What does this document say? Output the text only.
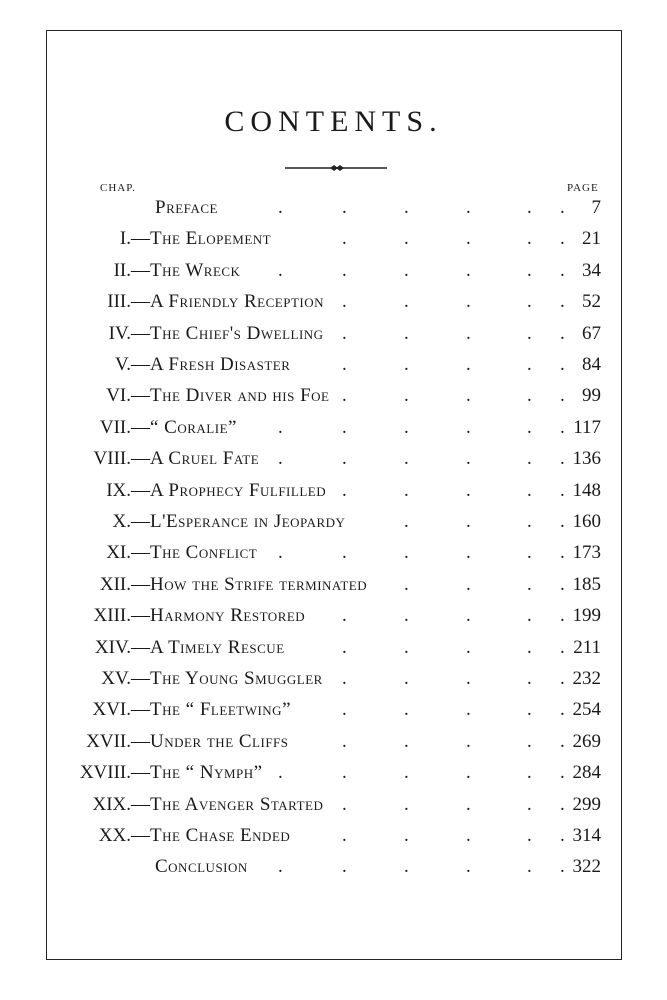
CONTENTS.
CHAP.	PAGE
Preface	7
.	.	.	.	. .
I.— The Elopement	21
.	.	.	. .
II.— The Wreck	34
.	.	.	.	. .
III.— A Friendly Reception	52
.	.	.	. .
IV.— The Chief's Dwelling	67
.	.	.	. .
V.— A Fresh Disaster	84
.	.	.	. .
VI.— The Diver and his Foe	99
.	.	.	. .
VII.— “ Coralie”	117
.	.	.	.	. .
VIII.— A Cruel Fate	136
.	.	.	.	. .
IX.— A Prophecy Fulfilled	148
.	.	.	. .
X.— L'Esperance in Jeopardy	160
.	.	. .
XI.— The Conflict	173
.	.	.	.	. .
XII.— How the Strife terminated	185
.	.	. .
XIII.— Harmony Restored	199
.	.	.	. .
XIV.— A Timely Rescue	211
.	.	.	. .
XV.— The Young Smuggler	232
.	.	.	. .
XVI.— The “ Fleetwing”	254
.	.	.	. .
XVII.— Under the Cliffs	269
.	.	.	. .
XVIII.— The “ Nymph”	284
.	.	.	.	. .
XIX.— The Avenger Started	299
.	.	.	. .
XX.— The Chase Ended	314
.	.	.	. .
Conclusion	322
.	.	.	.	. .
